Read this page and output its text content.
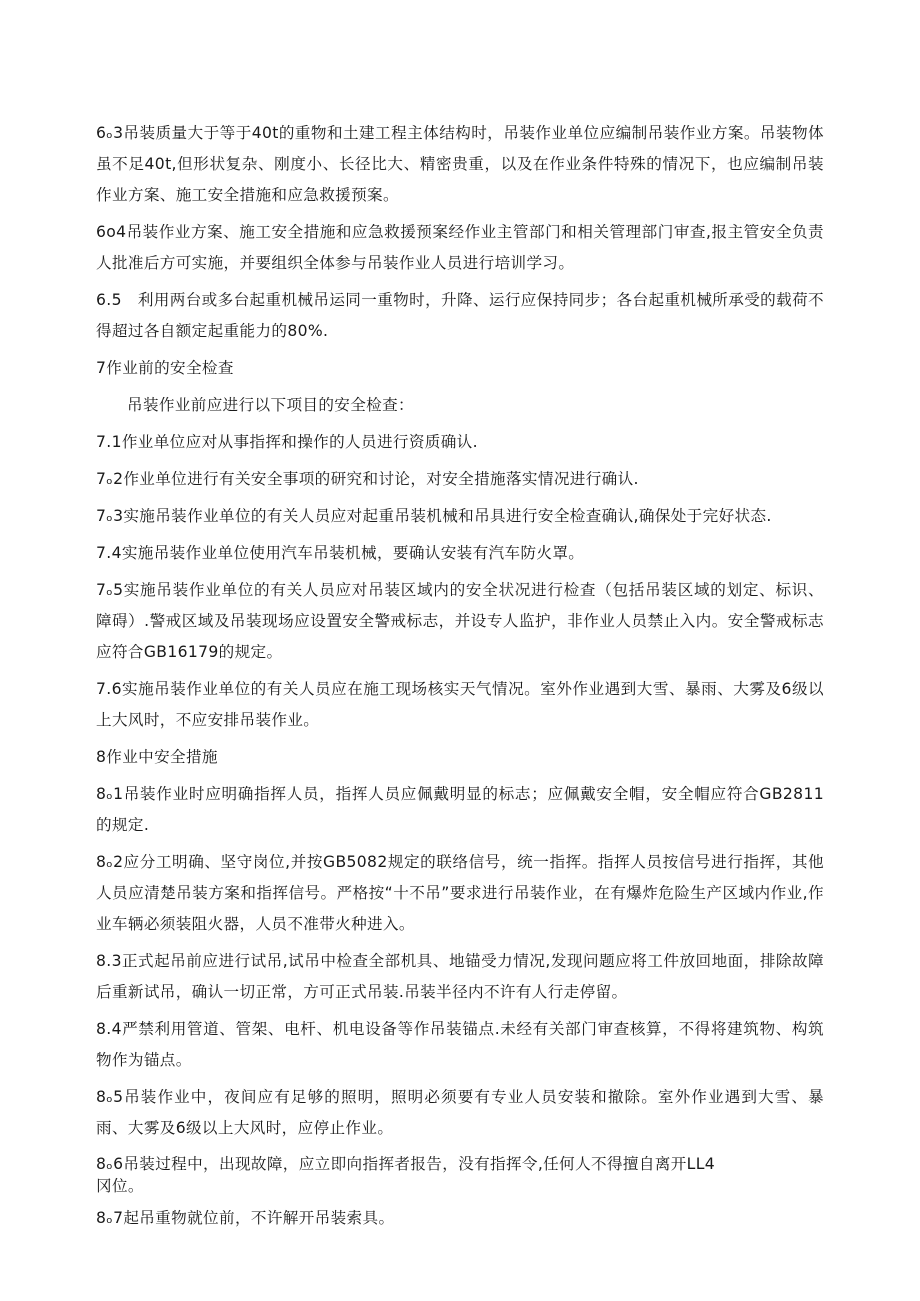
6ₒ3吊装质量大于等于40t的重物和土建工程主体结构时，吊装作业单位应编制吊装作业方案。吊装物体虽不足40t,但形状复杂、刚度小、长径比大、精密贵重，以及在作业条件特殊的情况下，也应编制吊装作业方案、施工安全措施和应急救援预案。

6o4吊装作业方案、施工安全措施和应急救援预案经作业主管部门和相关管理部门审查,报主管安全负责人批准后方可实施，并要组织全体参与吊装作业人员进行培训学习。

6.5　利用两台或多台起重机械吊运同一重物时，升降、运行应保持同步；各台起重机械所承受的载荷不得超过各自额定起重能力的80%.

7作业前的安全检查

吊装作业前应进行以下项目的安全检查：

7.1作业单位应对从事指挥和操作的人员进行资质确认.

7ₒ2作业单位进行有关安全事项的研究和讨论，对安全措施落实情况进行确认.

7ₒ3实施吊装作业单位的有关人员应对起重吊装机械和吊具进行安全检查确认,确保处于完好状态.

7.4实施吊装作业单位使用汽车吊装机械，要确认安装有汽车防火罩。

7ₒ5实施吊装作业单位的有关人员应对吊装区域内的安全状况进行检查（包括吊装区域的划定、标识、障碍）.警戒区域及吊装现场应设置安全警戒标志，并设专人监护，非作业人员禁止入内。安全警戒标志应符合GB16179的规定。

7.6实施吊装作业单位的有关人员应在施工现场核实天气情况。室外作业遇到大雪、暴雨、大雾及6级以上大风时，不应安排吊装作业。

8作业中安全措施

8ₒ1吊装作业时应明确指挥人员，指挥人员应佩戴明显的标志；应佩戴安全帽，安全帽应符合GB2811的规定.

8ₒ2应分工明确、坚守岗位,并按GB5082规定的联络信号，统一指挥。指挥人员按信号进行指挥，其他人员应清楚吊装方案和指挥信号。严格按“十不吊”要求进行吊装作业，在有爆炸危险生产区域内作业,作业车辆必须装阻火器，人员不准带火种进入。

8.3正式起吊前应进行试吊,试吊中检查全部机具、地锚受力情况,发现问题应将工件放回地面，排除故障后重新试吊，确认一切正常，方可正式吊装.吊装半径内不许有人行走停留。

8.4严禁利用管道、管架、电杆、机电设备等作吊装锚点.未经有关部门审查核算，不得将建筑物、构筑物作为锚点。

8ₒ5吊装作业中，夜间应有足够的照明，照明必须要有专业人员安装和撤除。室外作业遇到大雪、暴雨、大雾及6级以上大风时，应停止作业。

8ₒ6吊装过程中，出现故障，应立即向指挥者报告，没有指挥令,任何人不得擅自离开LL4

冈位。

8ₒ7起吊重物就位前，不许解开吊装索具。
